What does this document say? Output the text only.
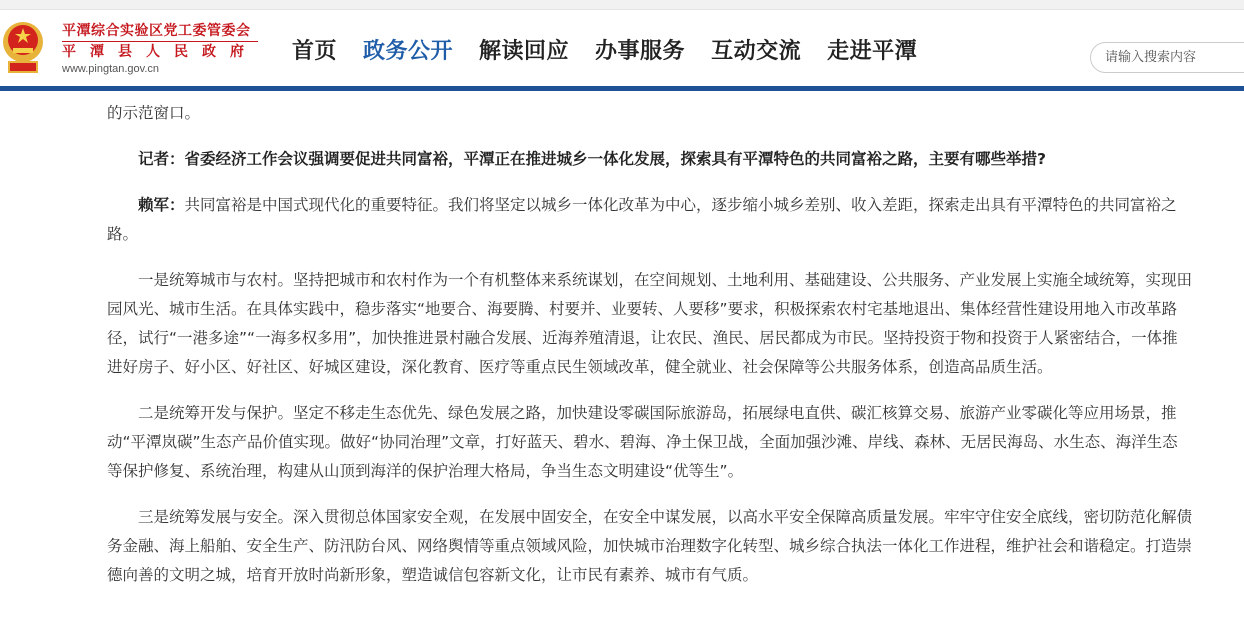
平潭综合实验区党工委管委会
平潭县人民政府
www.pingtan.gov.cn
首页 政务公开 解读回应 办事服务 互动交流 走进平潭	请输入搜索内容

的示范窗口。

记者：省委经济工作会议强调要促进共同富裕，平潭正在推进城乡一体化发展，探索具有平潭特色的共同富裕之路，主要有哪些举措?

赖军：共同富裕是中国式现代化的重要特征。我们将坚定以城乡一体化改革为中心，逐步缩小城乡差别、收入差距，探索走出具有平潭特色的共同富裕之路。

一是统筹城市与农村。坚持把城市和农村作为一个有机整体来系统谋划，在空间规划、土地利用、基础建设、公共服务、产业发展上实施全域统筹，实现田园风光、城市生活。在具体实践中，稳步落实“地要合、海要腾、村要并、业要转、人要移”要求，积极探索农村宅基地退出、集体经营性建设用地入市改革路径，试行“一港多途”“一海多权多用”，加快推进景村融合发展、近海养殖清退，让农民、渔民、居民都成为市民。坚持投资于物和投资于人紧密结合，一体推进好房子、好小区、好社区、好城区建设，深化教育、医疗等重点民生领域改革，健全就业、社会保障等公共服务体系，创造高品质生活。

二是统筹开发与保护。坚定不移走生态优先、绿色发展之路，加快建设零碳国际旅游岛，拓展绿电直供、碳汇核算交易、旅游产业零碳化等应用场景，推动“平潭岚碳”生态产品价值实现。做好“协同治理”文章，打好蓝天、碧水、碧海、净土保卫战，全面加强沙滩、岸线、森林、无居民海岛、水生态、海洋生态等保护修复、系统治理，构建从山顶到海洋的保护治理大格局，争当生态文明建设“优等生”。

三是统筹发展与安全。深入贯彻总体国家安全观，在发展中固安全，在安全中谋发展，以高水平安全保障高质量发展。牢牢守住安全底线，密切防范化解债务金融、海上船舶、安全生产、防汛防台风、网络舆情等重点领域风险，加快城市治理数字化转型、城乡综合执法一体化工作进程，维护社会和谐稳定。打造崇德向善的文明之城，培育开放时尚新形象，塑造诚信包容新文化，让市民有素养、城市有气质。
